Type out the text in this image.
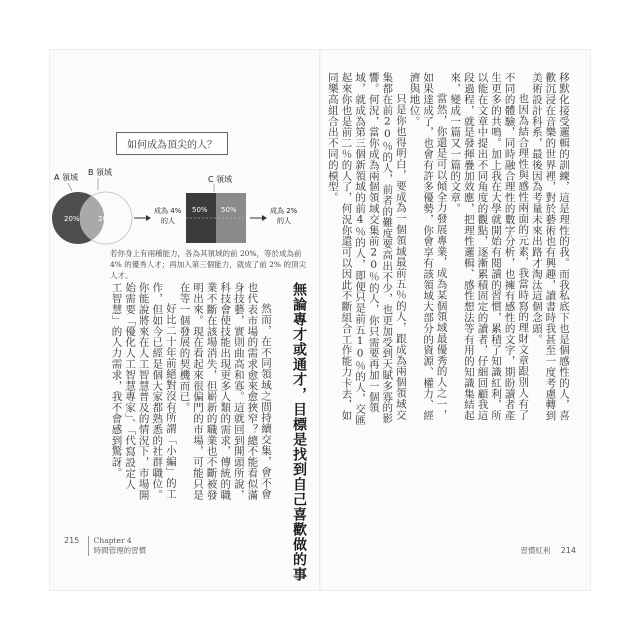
如何成為頂尖的人？
A 領域
B 領域
20%	20%
成為 4%
的人
C 領域
50% 50%	成為 2%
的人
若你身上有兩種能力，各為其領域的前 20%，等於成為前 4% 的優秀人才；再加入第三個能力，就成了前 2% 的頂尖人才。
無論專才或通才，目標是找到自己喜歡做的事

然而，在不同領域之間持續交集，會不會也代表市場的需求愈來愈狹窄？總不能看似滿身技藝，實則曲高和寡。這就回到開頭所說，科技會使技能出現更多人類的需求，傳統的職業不斷在該場消失，但嶄新的職業也不斷被發明出來。現在看起來很偏門的市場，可能只是在等一個發展的契機而已。

好比二十年前絕對沒有所謂「小編」的工作，但如今已經是個大家都熟悉的社群職位。你能說將來在人工智慧普及的情況下，市場開始需要「優化人工智慧專家」、「代寫設定人工智慧」的人力需求，我不會感到驚訝。

215 Chapter 4
時間管理的習慣

移默化接受邏輯的訓練，這是理性的我。而我私底下也是個感性的人，喜歡沉浸在音樂的世界裡，對於藝術也有興趣，讀書時我甚至一度考慮轉到美術設計科系，最後因為考量未來出路才淘汰這個念頭。

也因為結合理性與感性兩面的元素，我當時寫的理財文章跟別人有了不同的體驗，同時融合理性的數字分析，也擁有感性的文字，期盼讀者產生更多的共鳴。加上我在大學就開始有閱讀的習慣，累積了知識紅利，所以能在文章中提出不同角度的觀點，逐漸累積固定的讀者，仔細回顧我這段過程，就是發揮疊加效應，把理性邏輯、感性想法等有用的知識集結起來，變成一篇又一篇的文章。

當然，你還是可以傾全力發展專業，成為某個領域最優秀的人之一，如果達成了，也會有許多優勢，你會享有該領域大部分的資源、權力、經濟與地位。

只是你也得明白，要成為一個領域最前五％的人，跟成為兩個領域交集都在前20％的人，前者的難度要高出不少，也更加受到天賦多寡的影響。何況，當你成為兩個領域交集前20％的人，你只需要再加一個領域，就成為第三個新領域的前4％的人，即便只是前五10％的人，交匯起來你也是前二％的人了，何況你還可以因此不斷組合工作能力卡去，如同樂高組合出不同的模型。

習慣紅利 214
